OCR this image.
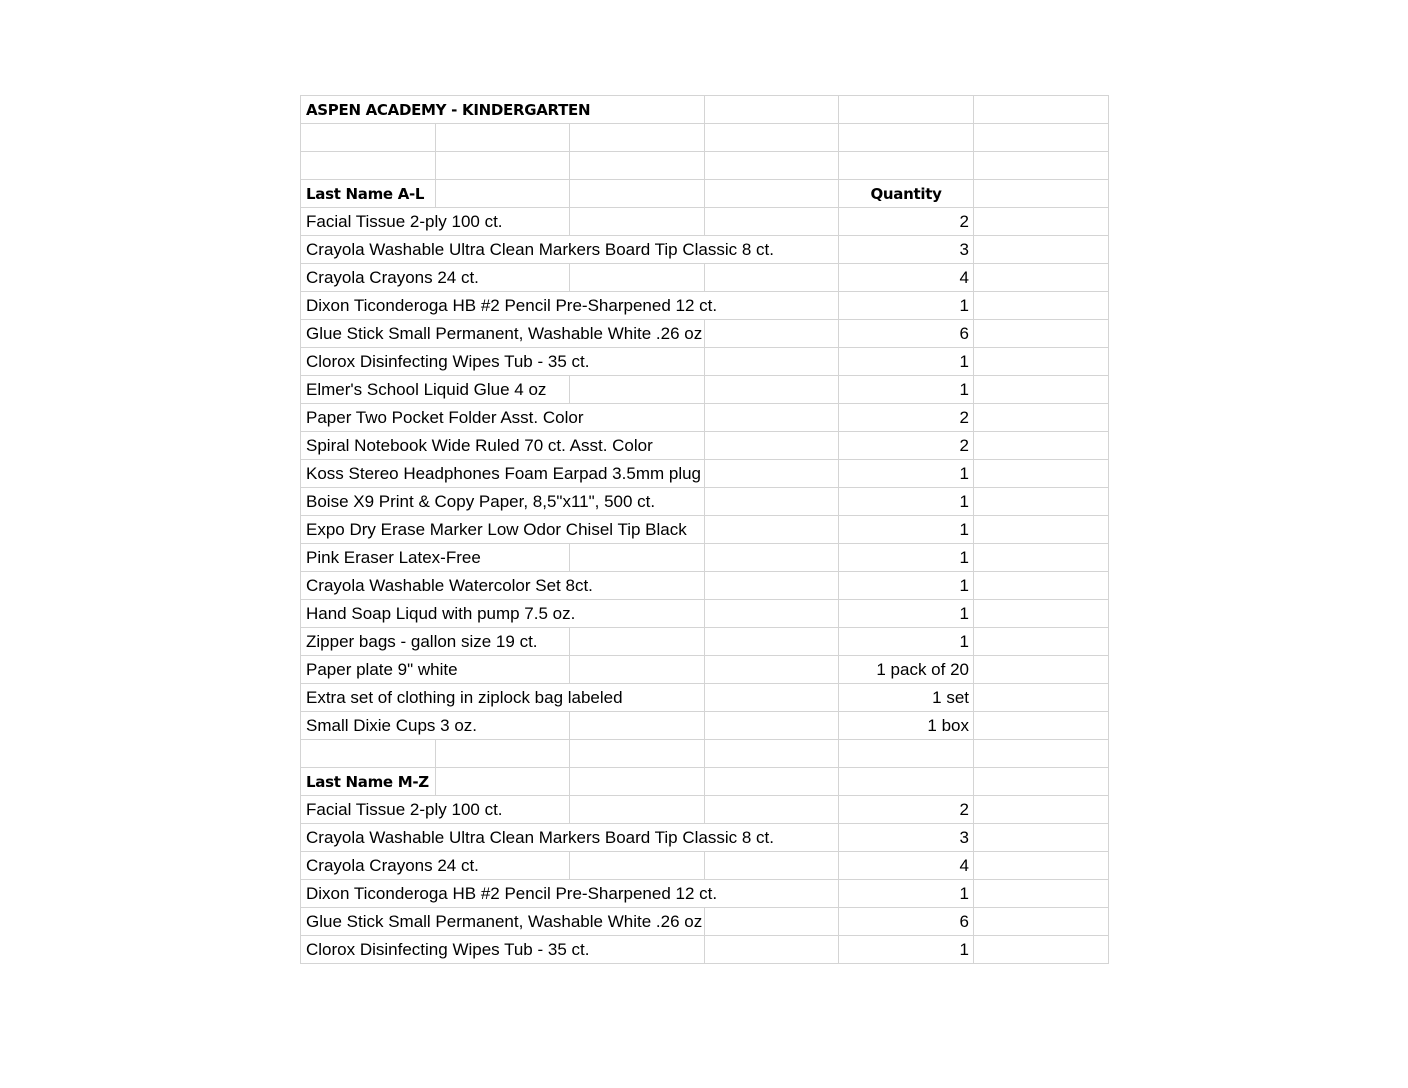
ASPEN ACADEMY - KINDERGARTEN
Last Name A-L	Quantity
Facial Tissue 2-ply 100 ct.	2
Crayola Washable Ultra Clean Markers Board Tip Classic 8 ct.	3
Crayola Crayons 24 ct.	4
Dixon Ticonderoga HB #2 Pencil Pre-Sharpened 12 ct.	1
Glue Stick Small Permanent, Washable White .26 oz	6
Clorox Disinfecting Wipes Tub - 35 ct.	1
Elmer's School Liquid Glue 4 oz	1
Paper Two Pocket Folder Asst. Color	2
Spiral Notebook Wide Ruled 70 ct. Asst. Color	2
Koss Stereo Headphones Foam Earpad 3.5mm plug	1
Boise X9 Print & Copy Paper, 8,5"x11", 500 ct.	1
Expo Dry Erase Marker Low Odor Chisel Tip Black	1
Pink Eraser Latex-Free	1
Crayola Washable Watercolor Set 8ct.	1
Hand Soap Liqud with pump 7.5 oz.	1
Zipper bags - gallon size 19 ct.	1
Paper plate 9" white	1 pack of 20
Extra set of clothing in ziplock bag labeled	1 set
Small Dixie Cups 3 oz.	1 box
Last Name M-Z
Facial Tissue 2-ply 100 ct.	2
Crayola Washable Ultra Clean Markers Board Tip Classic 8 ct.	3
Crayola Crayons 24 ct.	4
Dixon Ticonderoga HB #2 Pencil Pre-Sharpened 12 ct.	1
Glue Stick Small Permanent, Washable White .26 oz	6
Clorox Disinfecting Wipes Tub - 35 ct.	1
